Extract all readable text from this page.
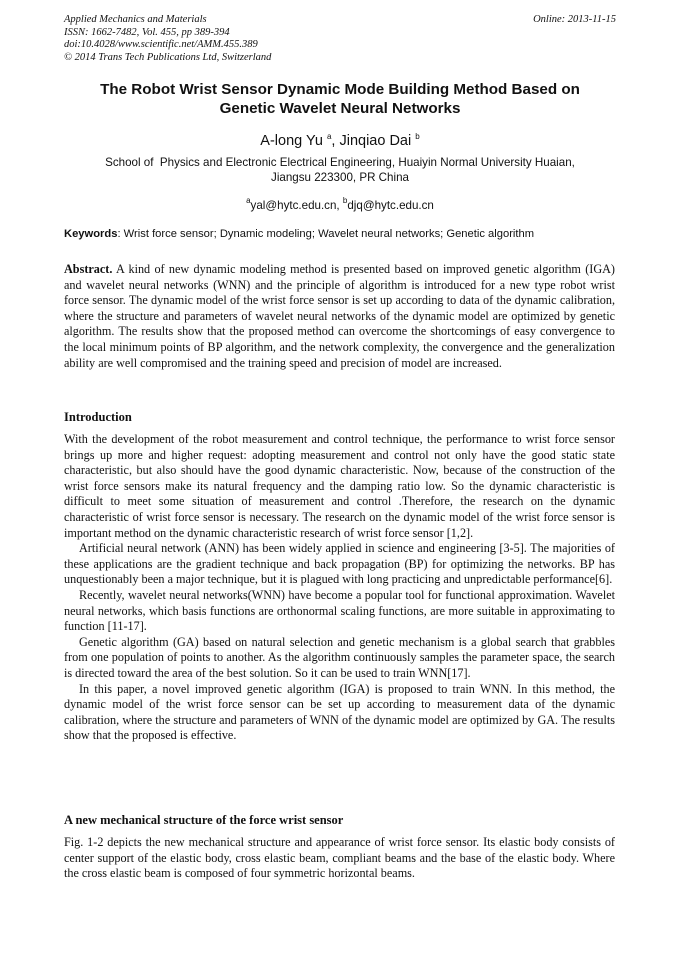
Applied Mechanics and Materials
ISSN: 1662-7482, Vol. 455, pp 389-394
doi:10.4028/www.scientific.net/AMM.455.389
© 2014 Trans Tech Publications Ltd, Switzerland
Online: 2013-11-15
The Robot Wrist Sensor Dynamic Mode Building Method Based on
Genetic Wavelet Neural Networks
A-long Yu $^a$, Jinqiao Dai $^b$
School of  Physics and Electronic Electrical Engineering, Huaiyin Normal University Huaian,
Jiangsu 223300, PR China
$^a$yal@hytc.edu.cn, $^b$djq@hytc.edu.cn
Keywords: Wrist force sensor; Dynamic modeling; Wavelet neural networks; Genetic algorithm
Abstract. A kind of new dynamic modeling method is presented based on improved genetic algorithm (IGA) and wavelet neural networks (WNN) and the principle of algorithm is introduced for a new type robot wrist force sensor. The dynamic model of the wrist force sensor is set up according to data of the dynamic calibration, where the structure and parameters of wavelet neural networks of the dynamic model are optimized by genetic algorithm. The results show that the proposed method can overcome the shortcomings of easy convergence to the local minimum points of BP algorithm, and the network complexity, the convergence and the generalization ability are well compromised and the training speed and precision of model are increased.
Introduction

With the development of the robot measurement and control technique, the performance to wrist force sensor brings up more and higher request: adopting measurement and control not only have the good static state characteristic, but also should have the good dynamic characteristic. Now, because of the construction of the wrist force sensors make its natural frequency and the damping ratio low. So the dynamic characteristic is difficult to meet some situation of measurement and control .Therefore, the research on the dynamic characteristic of wrist force sensor is necessary. The research on the dynamic model of the wrist force sensor is important method on the dynamic characteristic research of wrist force sensor [1,2].

Artificial neural network (ANN) has been widely applied in science and engineering [3-5]. The majorities of these applications are the gradient technique and back propagation (BP) for optimizing the networks. BP has unquestionably been a major technique, but it is plagued with long practicing and unpredictable performance[6].

Recently, wavelet neural networks(WNN) have become a popular tool for functional approximation. Wavelet neural networks, which basis functions are orthonormal scaling functions, are more suitable in approximating to function [11-17].

Genetic algorithm (GA) based on natural selection and genetic mechanism is a global search that grabbles from one population of points to another. As the algorithm continuously samples the parameter space, the search is directed toward the area of the best solution. So it can be used to train WNN[17].

In this paper, a novel improved genetic algorithm (IGA) is proposed to train WNN. In this method, the dynamic model of the wrist force sensor can be set up according to measurement data of the dynamic calibration, where the structure and parameters of WNN of the dynamic model are optimized by GA. The results show that the proposed is effective.

A new mechanical structure of the force wrist sensor

Fig. 1-2 depicts the new mechanical structure and appearance of wrist force sensor. Its elastic body consists of center support of the elastic body, cross elastic beam, compliant beams and the base of the elastic body. Where the cross elastic beam is composed of four symmetric horizontal beams.
